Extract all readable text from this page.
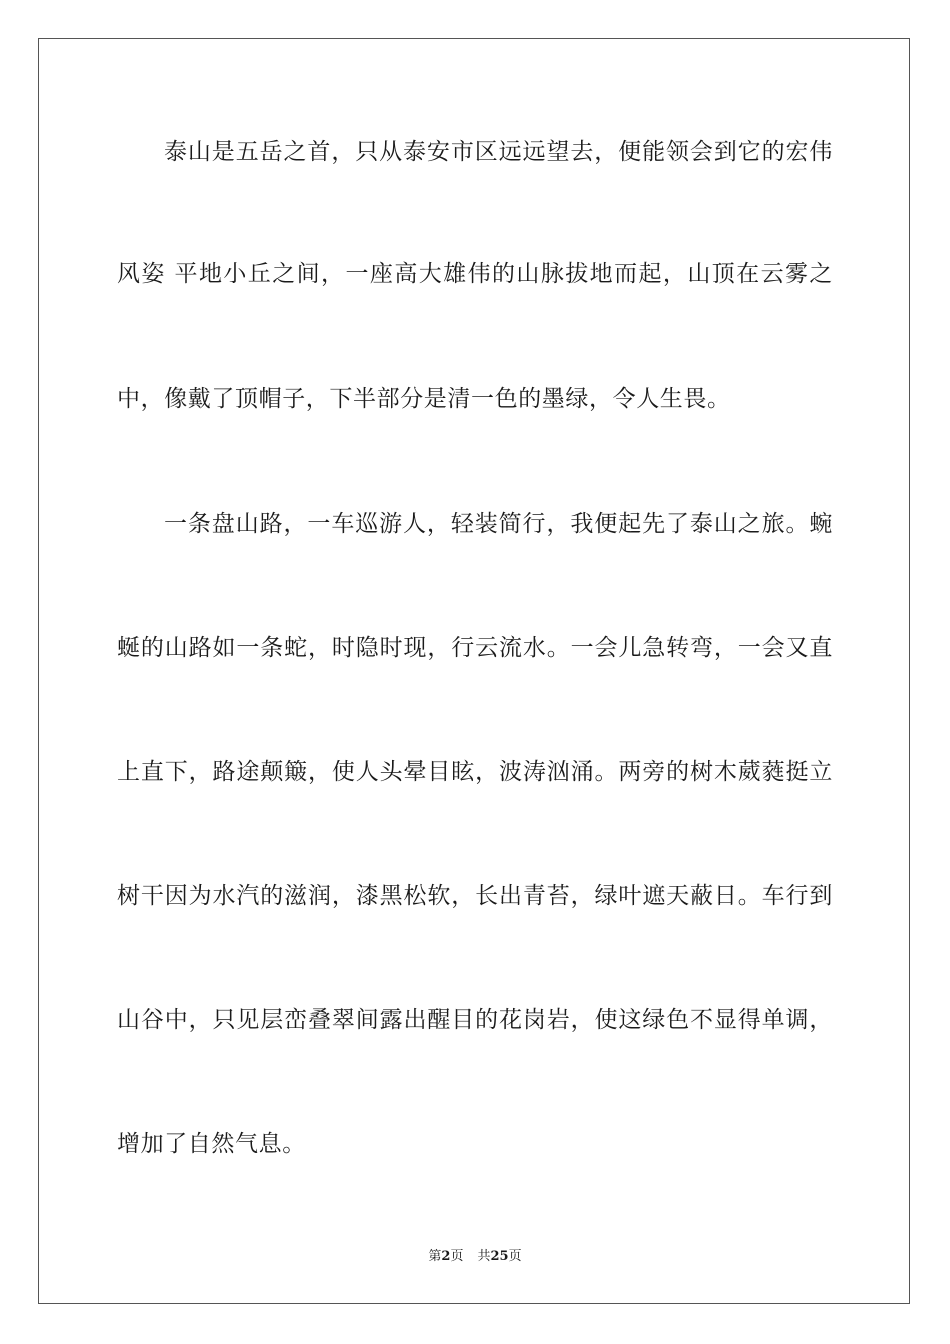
泰山是五岳之首，只从泰安市区远远望去，便能领会到它的宏伟
风姿 平地小丘之间，一座高大雄伟的山脉拔地而起，山顶在云雾之
中，像戴了顶帽子，下半部分是清一色的墨绿，令人生畏。
一条盘山路，一车巡游人，轻装简行，我便起先了泰山之旅。蜿
蜒的山路如一条蛇，时隐时现，行云流水。一会儿急转弯，一会又直
上直下，路途颠簸，使人头晕目眩，波涛汹涌。两旁的树木葳蕤挺立
树干因为水汽的滋润，漆黑松软，长出青苔，绿叶遮天蔽日。车行到
山谷中，只见层峦叠翠间露出醒目的花岗岩，使这绿色不显得单调，
增加了自然气息。
第2页 共25页
